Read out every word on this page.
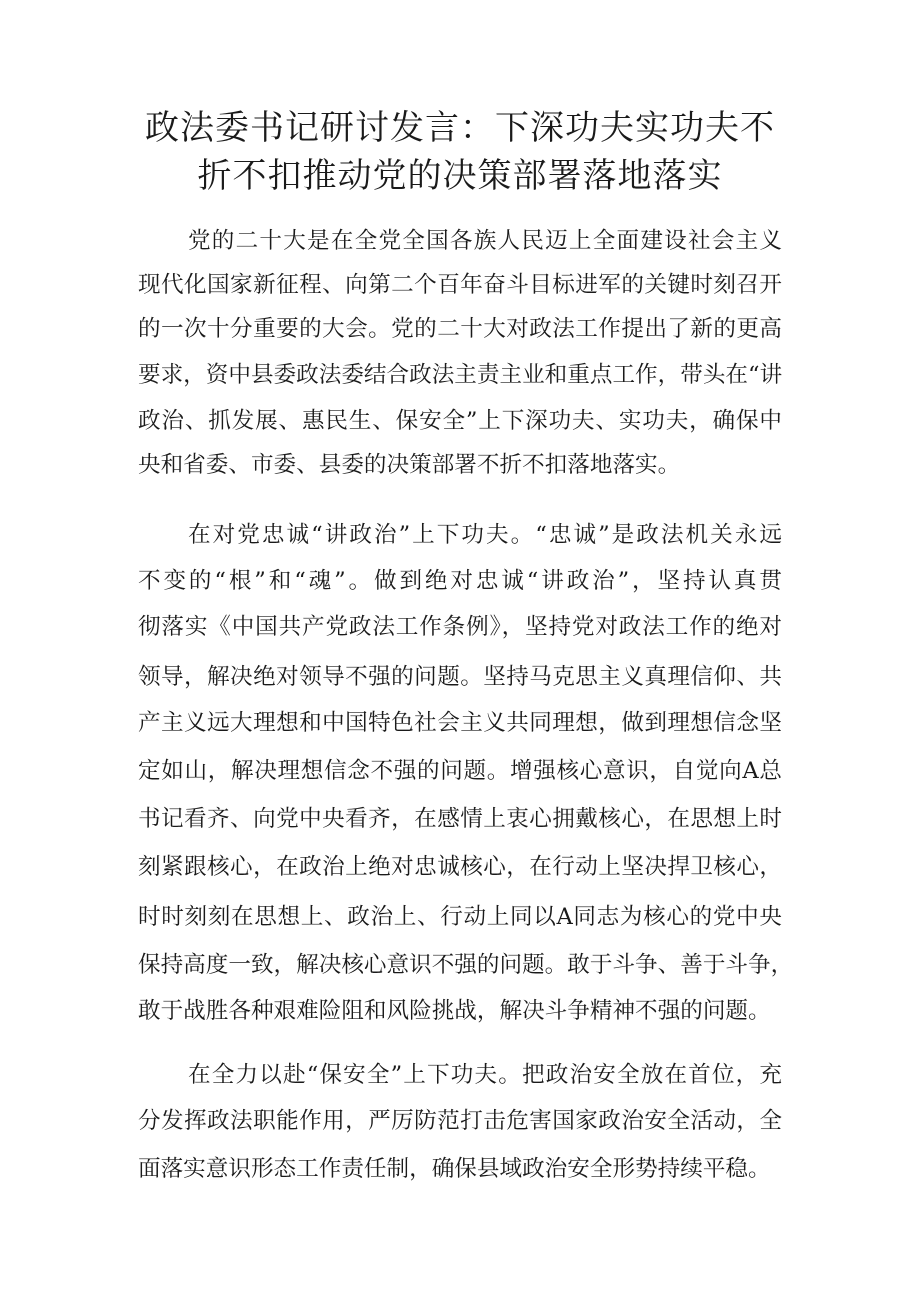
政法委书记研讨发言：下深功夫实功夫不
折不扣推动党的决策部署落地落实

党的二十大是在全党全国各族人民迈上全面建设社会主义

现代化国家新征程、向第二个百年奋斗目标进军的关键时刻召开

的一次十分重要的大会。党的二十大对政法工作提出了新的更高

要求，资中县委政法委结合政法主责主业和重点工作，带头在“讲

政治、抓发展、惠民生、保安全”上下深功夫、实功夫，确保中

央和省委、市委、县委的决策部署不折不扣落地落实。

在对党忠诚“讲政治”上下功夫。“忠诚”是政法机关永远

不变的“根”和“魂”。做到绝对忠诚“讲政治”，坚持认真贯

彻落实《中国共产党政法工作条例》，坚持党对政法工作的绝对

领导，解决绝对领导不强的问题。坚持马克思主义真理信仰、共

产主义远大理想和中国特色社会主义共同理想，做到理想信念坚

定如山，解决理想信念不强的问题。增强核心意识，自觉向A总

书记看齐、向党中央看齐，在感情上衷心拥戴核心，在思想上时

刻紧跟核心，在政治上绝对忠诚核心，在行动上坚决捍卫核心，

时时刻刻在思想上、政治上、行动上同以A同志为核心的党中央

保持高度一致，解决核心意识不强的问题。敢于斗争、善于斗争，

敢于战胜各种艰难险阻和风险挑战，解决斗争精神不强的问题。

在全力以赴“保安全”上下功夫。把政治安全放在首位，充

分发挥政法职能作用，严厉防范打击危害国家政治安全活动，全

面落实意识形态工作责任制，确保县域政治安全形势持续平稳。
